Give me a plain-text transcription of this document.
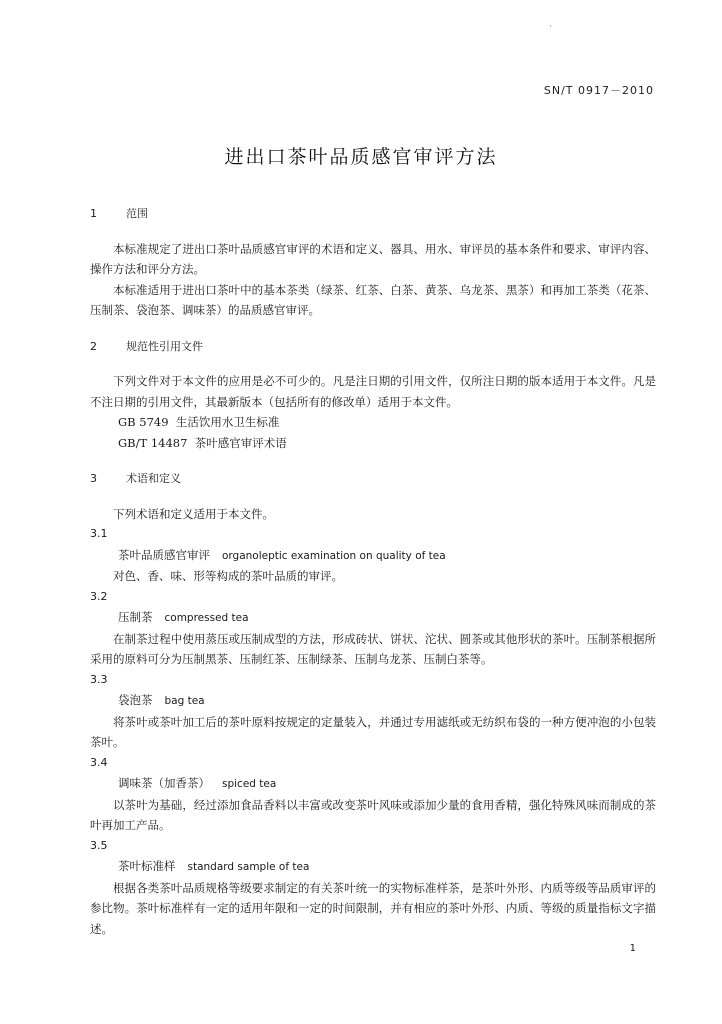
·
SN/T 0917－2010
进出口茶叶品质感官审评方法
1	范围

本标准规定了进出口茶叶品质感官审评的术语和定义、器具、用水、审评员的基本条件和要求、审评内容、操作方法和评分方法。

本标准适用于进出口茶叶中的基本茶类（绿茶、红茶、白茶、黄茶、乌龙茶、黑茶）和再加工茶类（花茶、压制茶、袋泡茶、调味茶）的品质感官审评。

2	规范性引用文件

下列文件对于本文件的应用是必不可少的。凡是注日期的引用文件，仅所注日期的版本适用于本文件。凡是不注日期的引用文件，其最新版本（包括所有的修改单）适用于本文件。

GB 5749 生活饮用水卫生标准

GB/T 14487 茶叶感官审评术语

3	术语和定义

下列术语和定义适用于本文件。

3.1

茶叶品质感官审评 organoleptic examination on quality of tea

对色、香、味、形等构成的茶叶品质的审评。

3.2

压制茶 compressed tea

在制茶过程中使用蒸压或压制成型的方法，形成砖状、饼状、沱状、圆茶或其他形状的茶叶。压制茶根据所采用的原料可分为压制黑茶、压制红茶、压制绿茶、压制乌龙茶、压制白茶等。

3.3

袋泡茶 bag tea

将茶叶或茶叶加工后的茶叶原料按规定的定量装入，并通过专用滤纸或无纺织布袋的一种方便冲泡的小包装茶叶。

3.4

调味茶（加香茶） spiced tea

以茶叶为基础，经过添加食品香料以丰富或改变茶叶风味或添加少量的食用香精，强化特殊风味而制成的茶叶再加工产品。

3.5

茶叶标准样 standard sample of tea

根据各类茶叶品质规格等级要求制定的有关茶叶统一的实物标准样茶，是茶叶外形、内质等级等品质审评的参比物。茶叶标准样有一定的适用年限和一定的时间限制，并有相应的茶叶外形、内质、等级的质量指标文字描述。

1
